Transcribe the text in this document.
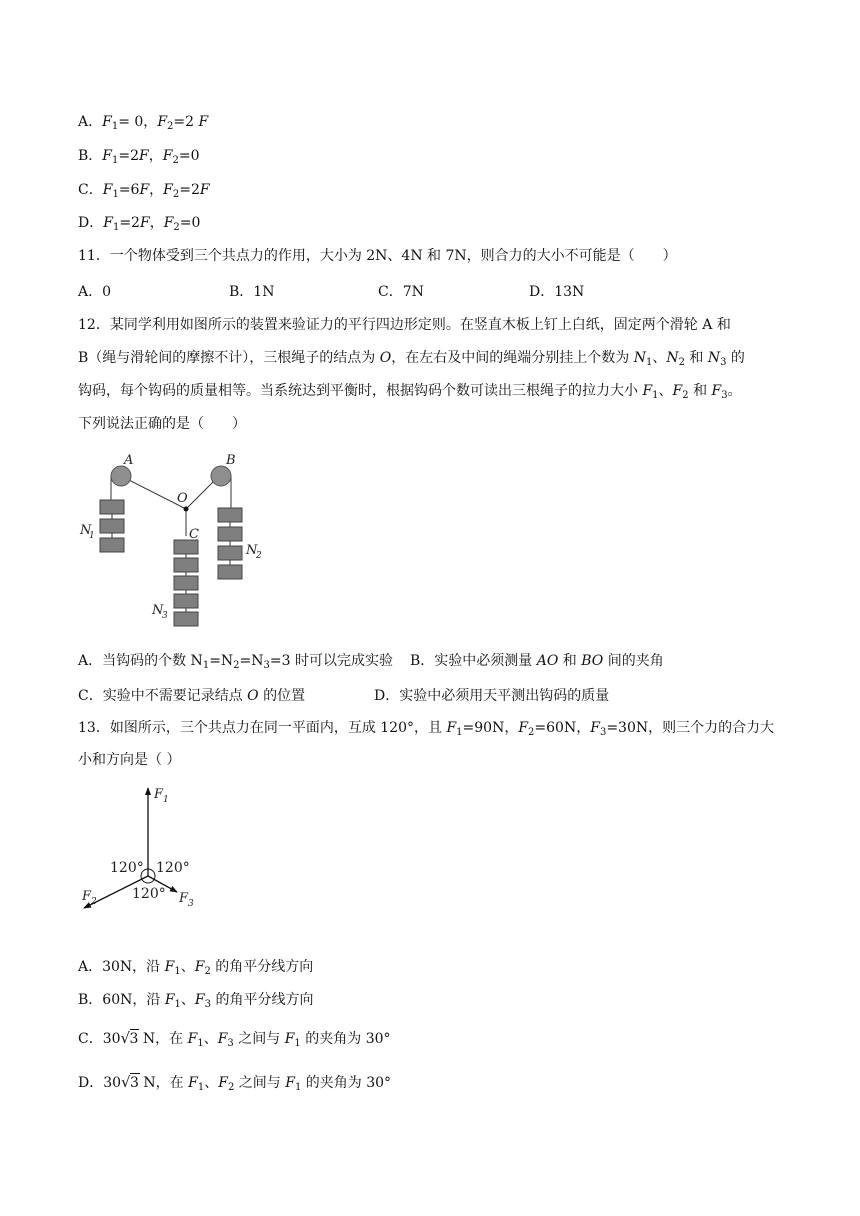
A．$F_1= 0$，$F_2=2$ F
B．$F_1=2F$，$F_2=0$
C．$F_1=6F$，$F_2=2F$
D．$F_1=2F$，$F_2=0$
11．一个物体受到三个共点力的作用，大小为 2N、4N 和 7N，则合力的大小不可能是（　　）
A．0	B．1N	C．7N	D．13N
12．某同学利用如图所示的装置来验证力的平行四边形定则。在竖直木板上钉上白纸，固定两个滑轮 A 和
B（绳与滑轮间的摩擦不计），三根绳子的结点为 O，在左右及中间的绳端分别挂上个数为 $N_1$、$N_2$ 和 $N_3$ 的
钩码，每个钩码的质量相等。当系统达到平衡时，根据钩码个数可读出三根绳子的拉力大小 $F_1$、$F_2$ 和 $F_3$。
下列说法正确的是（　　）
A	B
O
C
N
1
N
2
N
3
A．当钩码的个数 $N_1=N_2=N_3=3$ 时可以完成实验 B．实验中必须测量 AO 和 BO 间的夹角
C．实验中不需要记录结点 O 的位置	D．实验中必须用天平测出钩码的质量
13．如图所示，三个共点力在同一平面内，互成 120°，且 $F_1=90N$，$F_2=60N$，$F_3=30N$，则三个力的合力大
小和方向是（ ）
F 1
F 2	F 3
120° 120°
120°
A．30N，沿 $F_1$、$F_2$ 的角平分线方向
B．60N，沿 $F_1$、$F_3$ 的角平分线方向
C．30 √ 3 N，在 $F_1$、$F_3$ 之间与 $F_1$ 的夹角为 30°
D．30 √ 3 N，在 $F_1$、$F_2$ 之间与 $F_1$ 的夹角为 30°
